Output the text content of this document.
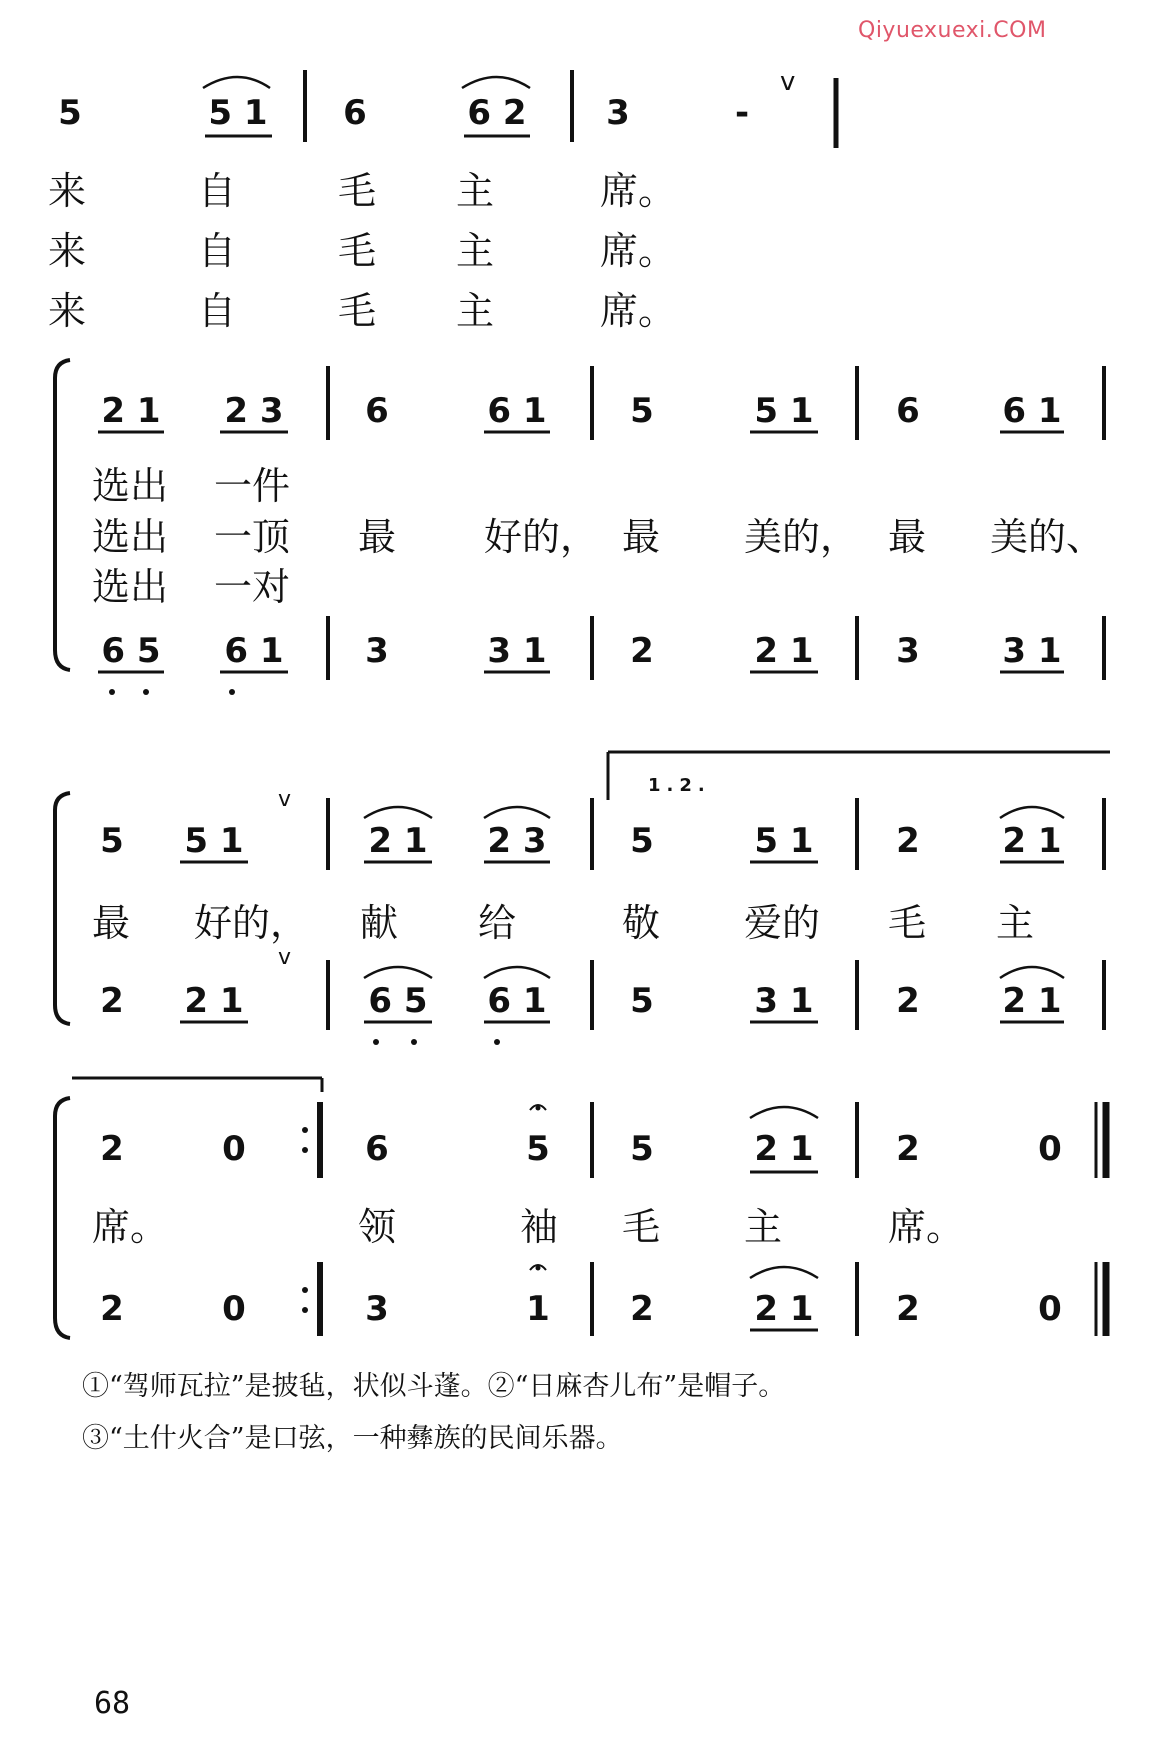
Qiyuexuexi.COM
v
v
v
5	5 1 6	6 2 3	-
来	自	毛 主	席。
来	自	毛 主	席。
来	自	毛 主	席。
2 1 2 3 6	6 1 5	5 1 6 6 1
6 5 6 1 3	3 1 2	2 1 3 3 1
选出 一件
选出 一顶 最 好的， 最 美的， 最 美的、
选出 一对
1.2.
5 5 1	2 1 2 3 5	5 1 2 2 1
2 2 1	6 5 6 1 5	3 1 2 2 1
最 好的， 献 给	敬 爱的 毛 主
2	0	6	5 5	2 1 2	0
2	0	3	1 2	2 1 2	0
席。	领	袖 毛 主	席。
①“驾师瓦拉”是披毡，状似斗蓬。②“日麻杏儿布”是帽子。
③“土什火合”是口弦，一种彝族的民间乐器。
68
